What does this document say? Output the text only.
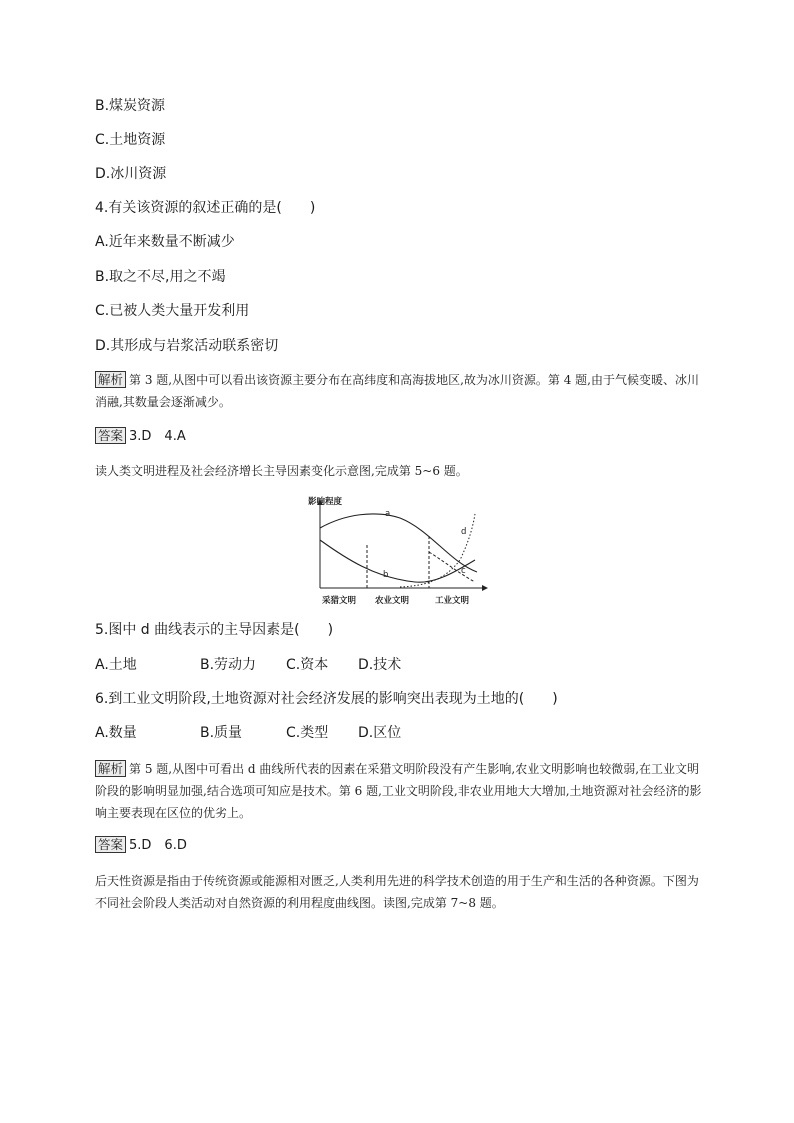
B.煤炭资源
C.土地资源
D.冰川资源
4.有关该资源的叙述正确的是(　　)
A.近年来数量不断减少
B.取之不尽,用之不竭
C.已被人类大量开发利用
D.其形成与岩浆活动联系密切
解析 第 3 题,从图中可以看出该资源主要分布在高纬度和高海拔地区,故为冰川资源。第 4 题,由于气候变暖、冰川消融,其数量会逐渐减少。
答案 3.D　4.A
读人类文明进程及社会经济增长主导因素变化示意图,完成第 5~6 题。
影响程度
a
b	c
d
采猎文明 农业文明	工业文明
5.图中 d 曲线表示的主导因素是(　　)
A.土地	B.劳动力 C.资本 D.技术
6.到工业文明阶段,土地资源对社会经济发展的影响突出表现为土地的(　　)
A.数量	B.质量	C.类型 D.区位
解析 第 5 题,从图中可看出 d 曲线所代表的因素在采猎文明阶段没有产生影响,农业文明影响也较微弱,在工业文明阶段的影响明显加强,结合选项可知应是技术。第 6 题,工业文明阶段,非农业用地大大增加,土地资源对社会经济的影响主要表现在区位的优劣上。
答案 5.D　6.D
后天性资源是指由于传统资源或能源相对匮乏,人类利用先进的科学技术创造的用于生产和生活的各种资源。下图为不同社会阶段人类活动对自然资源的利用程度曲线图。读图,完成第 7~8 题。
